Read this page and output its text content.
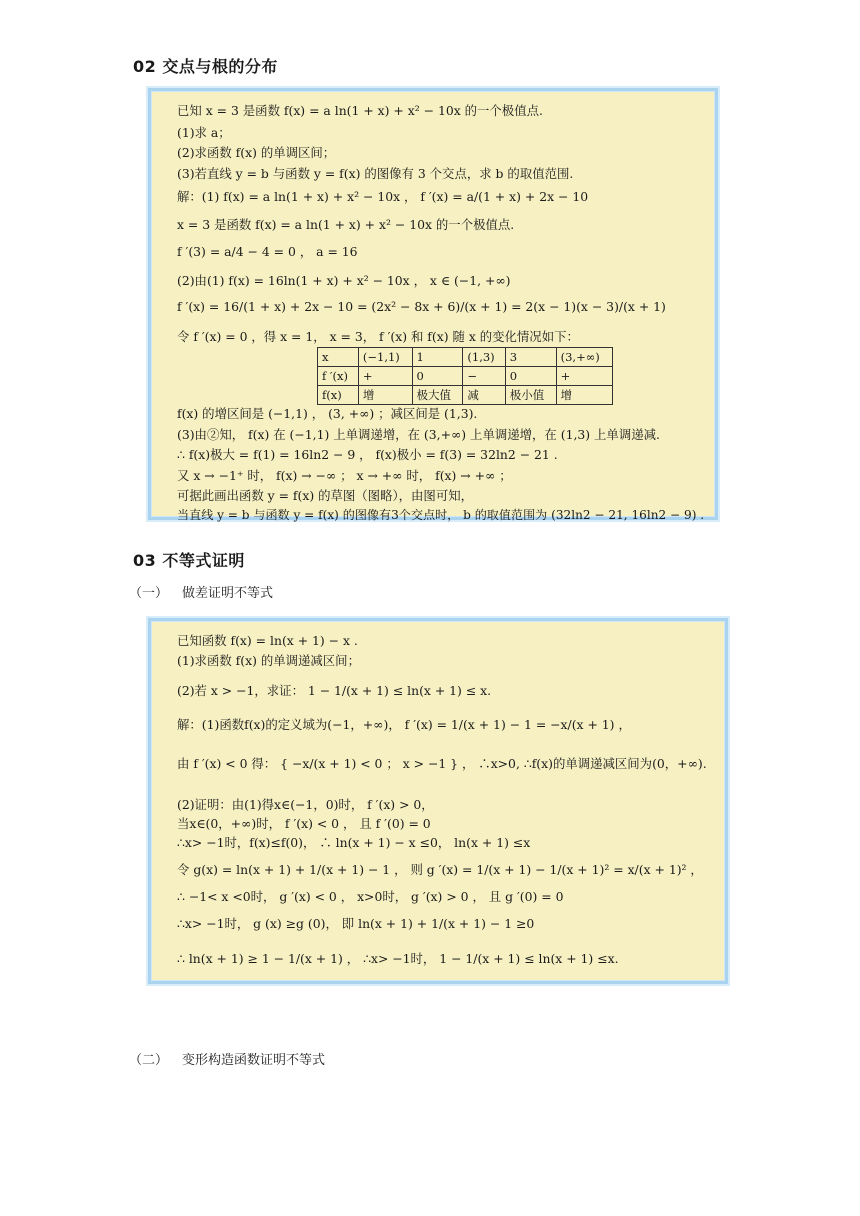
02 交点与根的分布
已知 x = 3 是函数 f(x) = a ln(1 + x) + x² − 10x 的一个极值点.
(1)求 a；
(2)求函数 f(x) 的单调区间；
(3)若直线 y = b 与函数 y = f(x) 的图像有 3 个交点，求 b 的取值范围.
解：(1) f(x) = a ln(1 + x) + x² − 10x ， f ′(x) = a/(1 + x) + 2x − 10
x = 3 是函数 f(x) = a ln(1 + x) + x² − 10x 的一个极值点.
f ′(3) = a/4 − 4 = 0 ， a = 16
(2)由(1) f(x) = 16ln(1 + x) + x² − 10x ， x ∈ (−1, +∞)
f ′(x) = 16/(1 + x) + 2x − 10 = (2x² − 8x + 6)/(x + 1) = 2(x − 1)(x − 3)/(x + 1)
令 f ′(x) = 0 ，得 x = 1， x = 3， f ′(x) 和 f(x) 随 x 的变化情况如下：
x	(−1,1)	1	(1,3)	3	(3,+∞)
f ′(x)	+	0	−	0	+
f(x)	增	极大值	减	极小值	增
f(x) 的增区间是 (−1,1) ， (3, +∞) ；减区间是 (1,3).
(3)由②知， f(x) 在 (−1,1) 上单调递增，在 (3,+∞) 上单调递增，在 (1,3) 上单调递减.
∴ f(x)极大 = f(1) = 16ln2 − 9 ， f(x)极小 = f(3) = 32ln2 − 21 .
又 x → −1⁺ 时， f(x) → −∞ ； x → +∞ 时， f(x) → +∞ ；
可据此画出函数 y = f(x) 的草图（图略），由图可知，
当直线 y = b 与函数 y = f(x) 的图像有3个交点时， b 的取值范围为 (32ln2 − 21, 16ln2 − 9) .
03 不等式证明
（一） 做差证明不等式
已知函数 f(x) = ln(x + 1) − x .
(1)求函数 f(x) 的单调递减区间；
(2)若 x > −1，求证： 1 − 1/(x + 1) ≤ ln(x + 1) ≤ x.
解：(1)函数f(x)的定义域为(−1，+∞)， f ′(x) = 1/(x + 1) − 1 = −x/(x + 1) ，
由 f ′(x) < 0 得： { −x/(x + 1) < 0 ； x > −1 } ， ∴x>0, ∴f(x)的单调递减区间为(0，+∞).
(2)证明：由(1)得x∈(−1，0)时， f ′(x) > 0，
当x∈(0，+∞)时， f ′(x) < 0 ， 且 f ′(0) = 0
∴x> −1时，f(x)≤f(0)， ∴ ln(x + 1) − x ≤0， ln(x + 1) ≤x
令 g(x) = ln(x + 1) + 1/(x + 1) − 1 ， 则 g ′(x) = 1/(x + 1) − 1/(x + 1)² = x/(x + 1)² ，
∴ −1< x <0时， g ′(x) < 0 ， x>0时， g ′(x) > 0 ， 且 g ′(0) = 0
∴x> −1时， g (x) ≥g (0)， 即 ln(x + 1) + 1/(x + 1) − 1 ≥0
∴ ln(x + 1) ≥ 1 − 1/(x + 1) ， ∴x> −1时， 1 − 1/(x + 1) ≤ ln(x + 1) ≤x.
（二） 变形构造函数证明不等式
